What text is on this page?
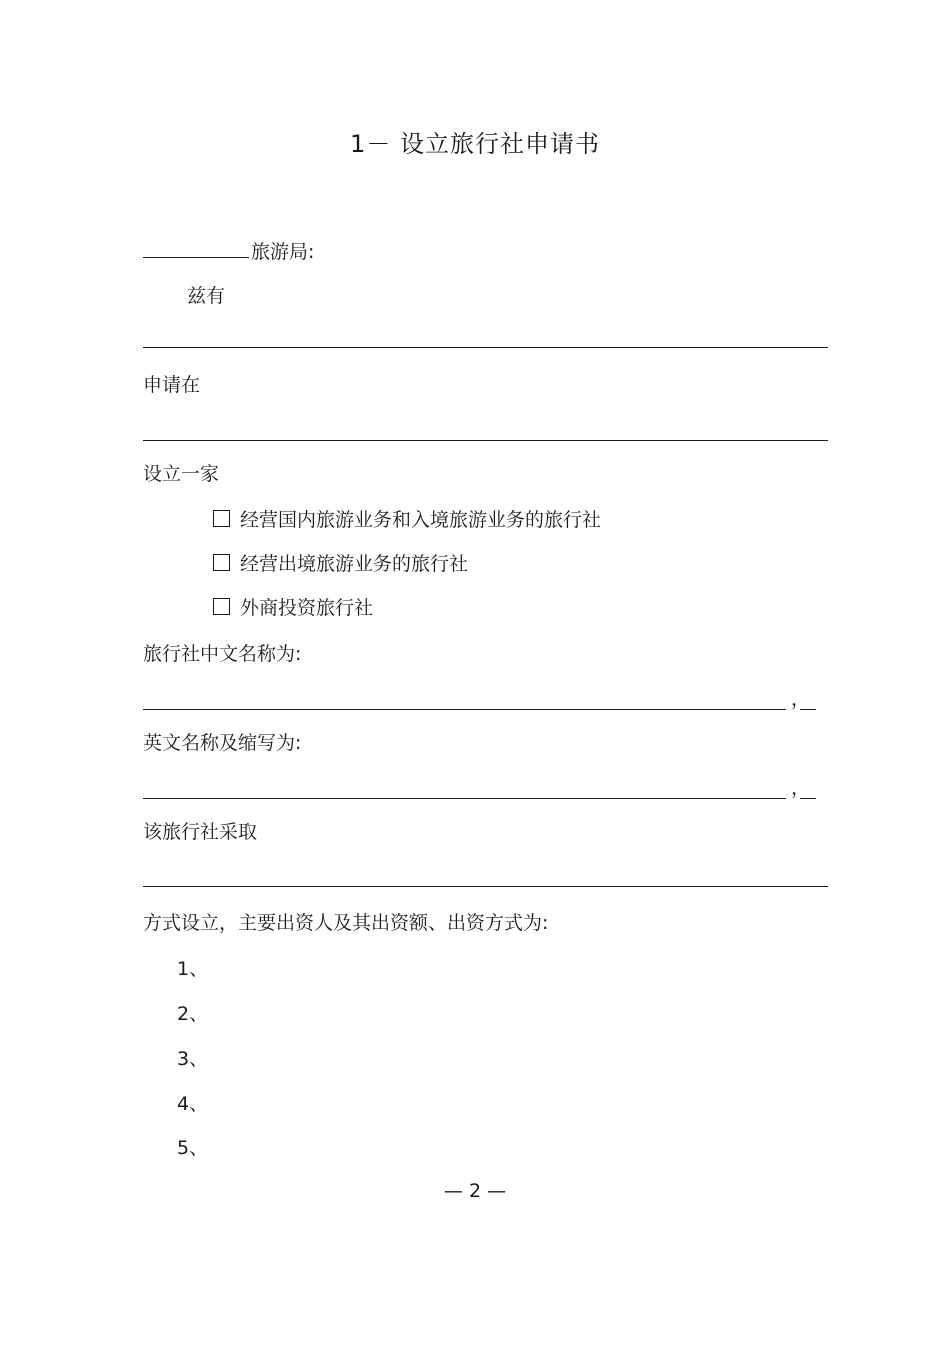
1－ 设立旅行社申请书
旅游局:
兹有
申请在
设立一家
经营国内旅游业务和入境旅游业务的旅行社
经营出境旅游业务的旅行社
外商投资旅行社
旅行社中文名称为:
，
英文名称及缩写为:
，
该旅行社采取
方式设立，主要出资人及其出资额、出资方式为:
1、
2、
3、
4、
5、
— 2 —
